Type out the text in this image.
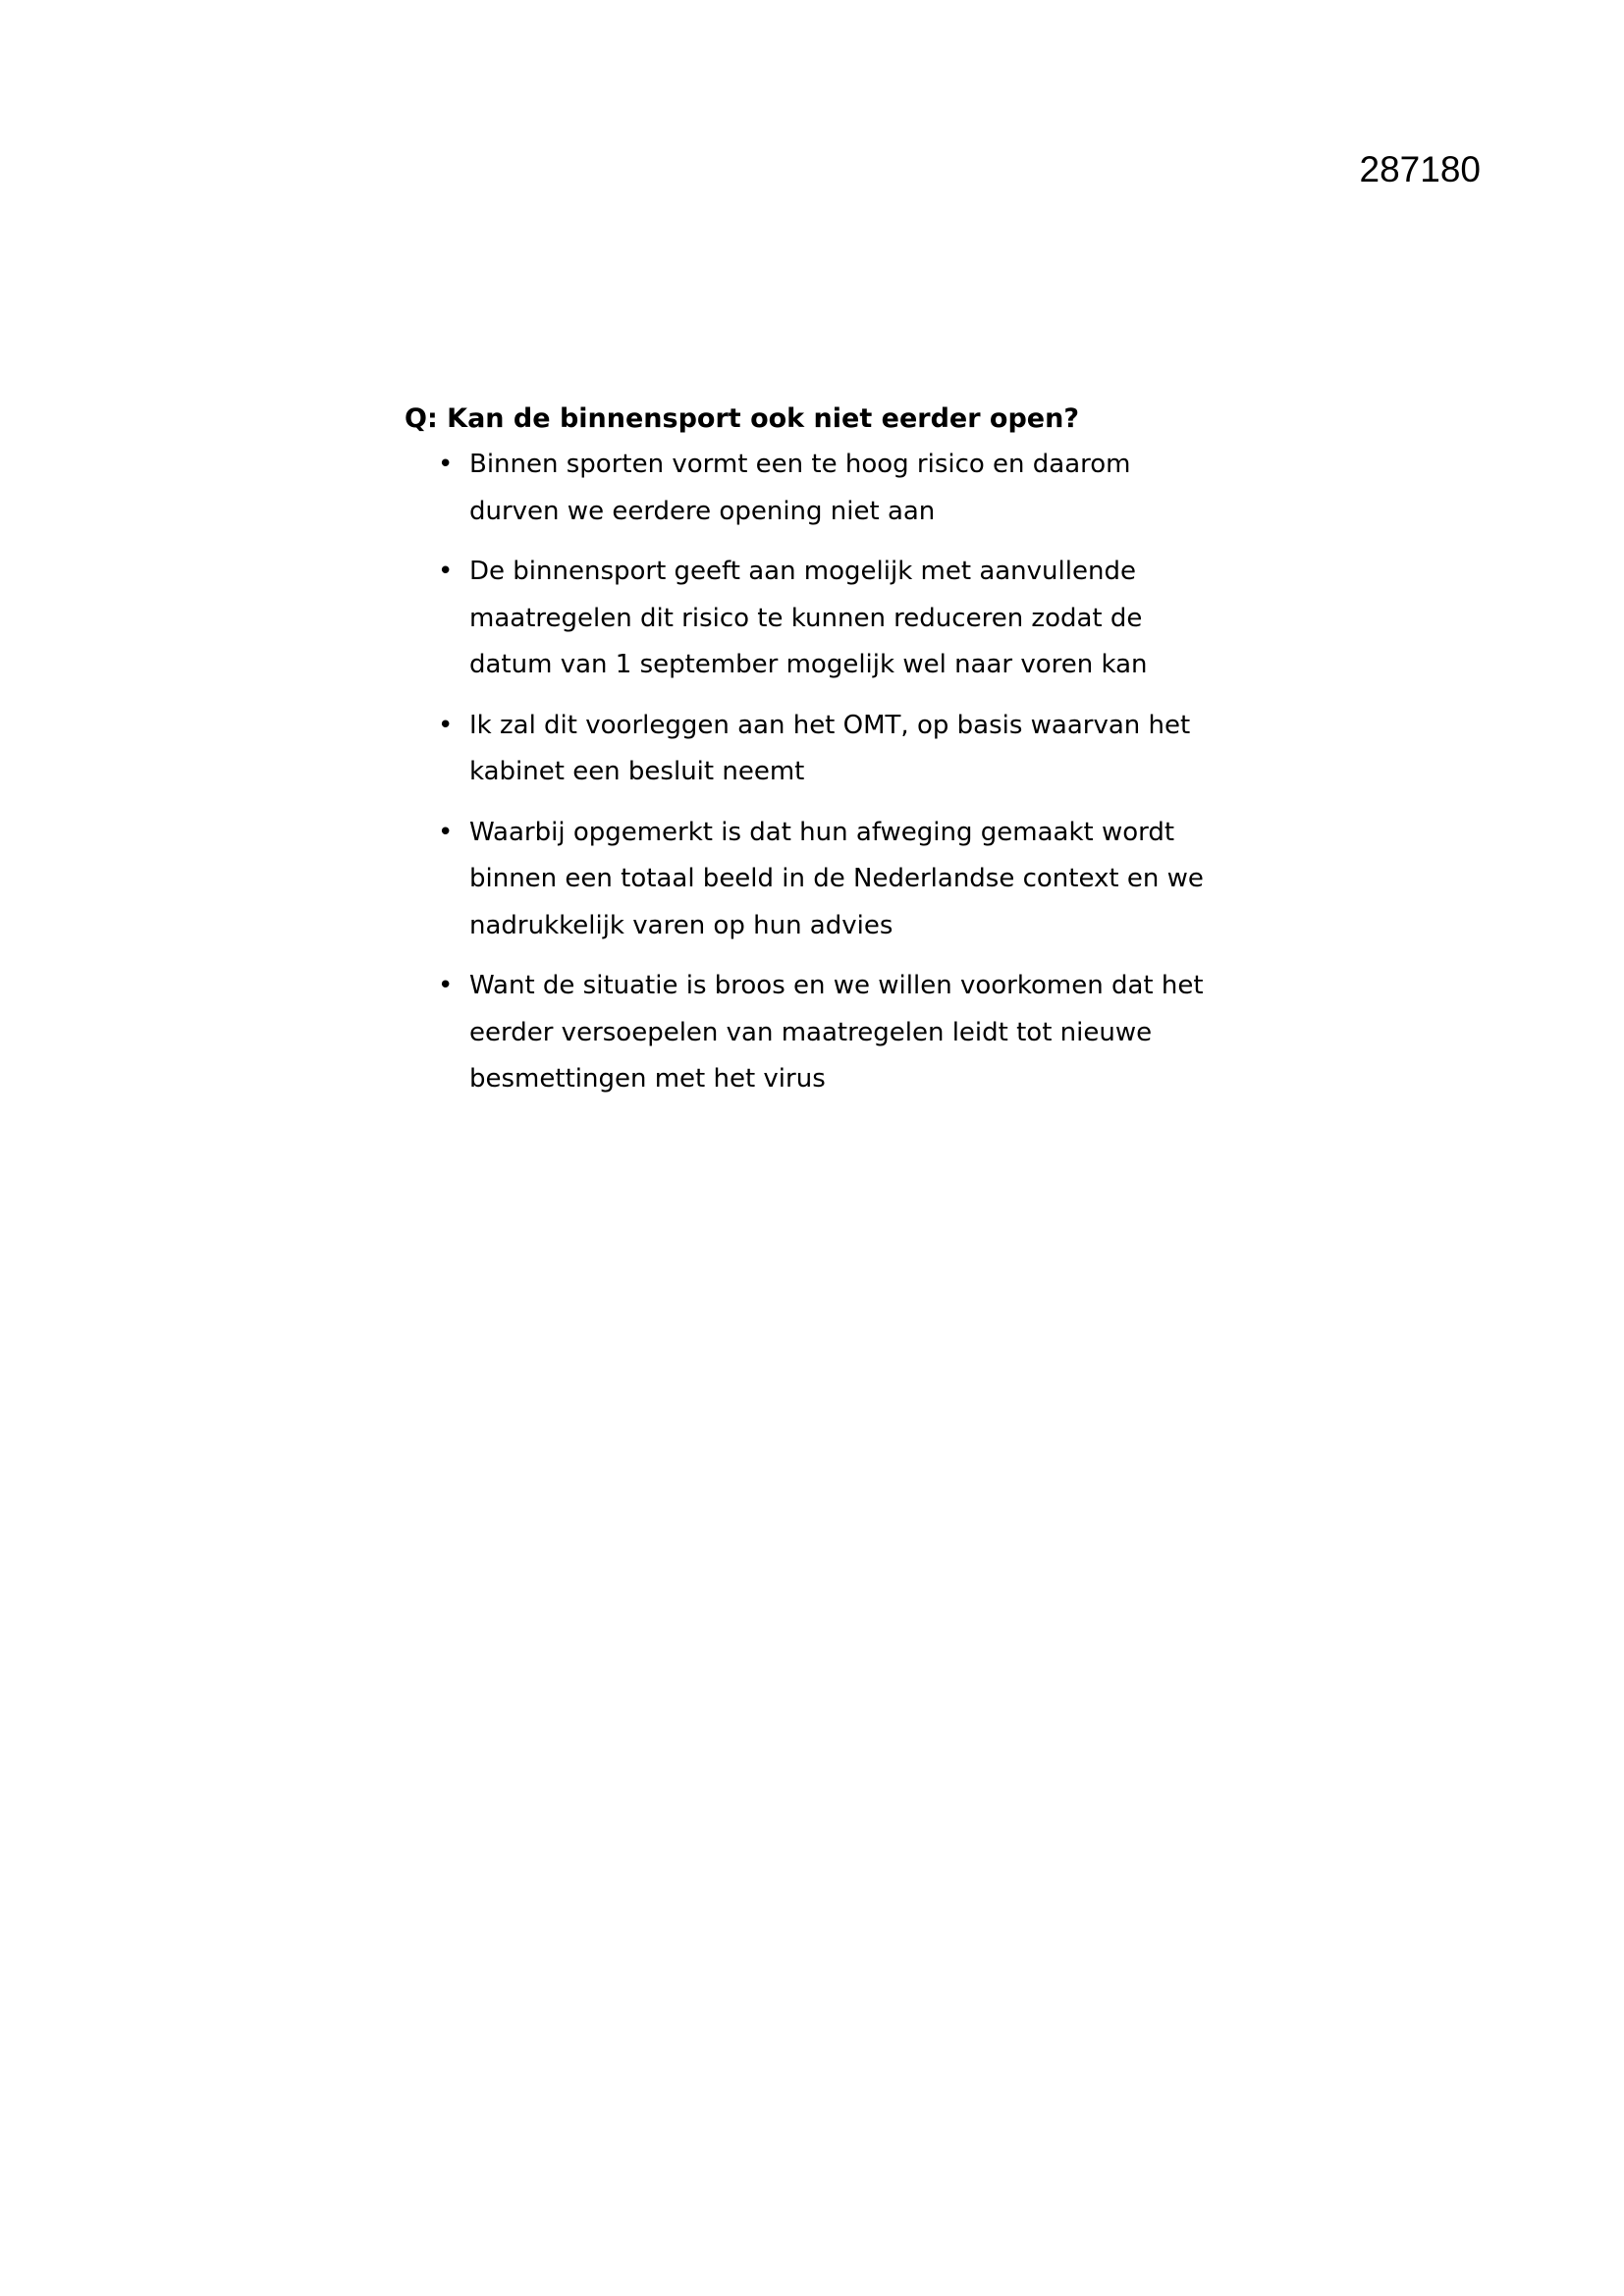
287180

Q: Kan de binnensport ook niet eerder open?

• Binnen sporten vormt een te hoog risico en daarom
durven we eerdere opening niet aan
• De binnensport geeft aan mogelijk met aanvullende
maatregelen dit risico te kunnen reduceren zodat de
datum van 1 september mogelijk wel naar voren kan
• Ik zal dit voorleggen aan het OMT, op basis waarvan het
kabinet een besluit neemt
• Waarbij opgemerkt is dat hun afweging gemaakt wordt
binnen een totaal beeld in de Nederlandse context en we
nadrukkelijk varen op hun advies
• Want de situatie is broos en we willen voorkomen dat het
eerder versoepelen van maatregelen leidt tot nieuwe
besmettingen met het virus
